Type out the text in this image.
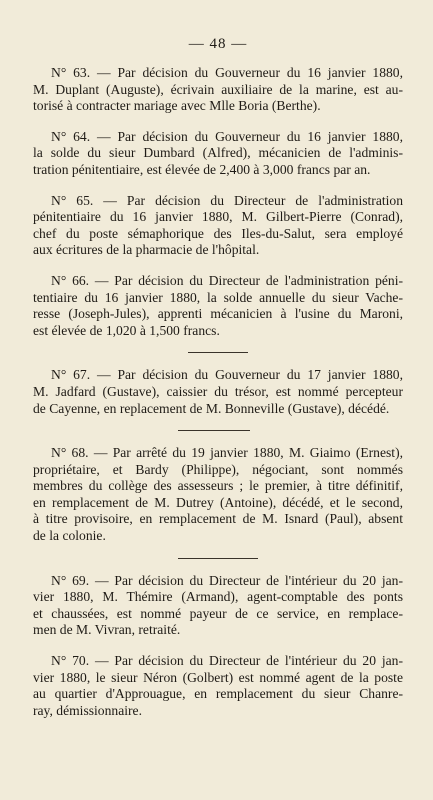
— 48 —
N° 63. — Par décision du Gouverneur du 16 janvier 1880,
M. Duplant (Auguste), écrivain auxiliaire de la marine, est au-
torisé à contracter mariage avec Mlle Boria (Berthe).
N° 64. — Par décision du Gouverneur du 16 janvier 1880,
la solde du sieur Dumbard (Alfred), mécanicien de l'adminis-
tration pénitentiaire, est élevée de 2,400 à 3,000 francs par an.
N° 65. — Par décision du Directeur de l'administration
pénitentiaire du 16 janvier 1880, M. Gilbert-Pierre (Conrad),
chef du poste sémaphorique des Iles-du-Salut, sera employé
aux écritures de la pharmacie de l'hôpital.
N° 66. — Par décision du Directeur de l'administration péni-
tentiaire du 16 janvier 1880, la solde annuelle du sieur Vache-
resse (Joseph-Jules), apprenti mécanicien à l'usine du Maroni,
est élevée de 1,020 à 1,500 francs.
N° 67. — Par décision du Gouverneur du 17 janvier 1880,
M. Jadfard (Gustave), caissier du trésor, est nommé percepteur
de Cayenne, en replacement de M. Bonneville (Gustave), décédé.
N° 68. — Par arrêté du 19 janvier 1880, M. Giaimo (Ernest),
propriétaire, et Bardy (Philippe), négociant, sont nommés
membres du collège des assesseurs ; le premier, à titre définitif,
en remplacement de M. Dutrey (Antoine), décédé, et le second,
à titre provisoire, en remplacement de M. Isnard (Paul), absent
de la colonie.
N° 69. — Par décision du Directeur de l'intérieur du 20 jan-
vier 1880, M. Thémire (Armand), agent-comptable des ponts
et chaussées, est nommé payeur de ce service, en remplace-
men de M. Vivran, retraité.
N° 70. — Par décision du Directeur de l'intérieur du 20 jan-
vier 1880, le sieur Néron (Golbert) est nommé agent de la poste
au quartier d'Approuague, en remplacement du sieur Chanre-
ray, démissionnaire.
